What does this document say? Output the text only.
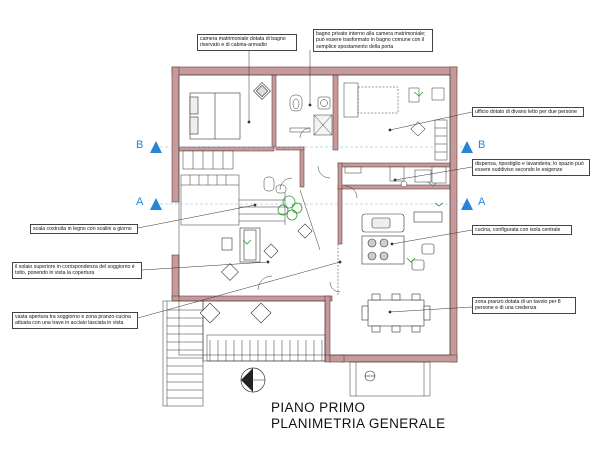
B	B
A	A
camera matrimoniale dotata di bagno riservato e di cabina-armadio
bagno privato interno alla camera matrimoniale; può essere trasformato in bagno comune con il semplice spostamento della porta
ufficio dotato di divano letto per due persone
dispensa, ripostiglio e lavanderia; lo spazio può essere suddiviso secondo le esigenze
scala costruita in legno con scalini a giorno	cucina, configurata con isola centrale
il solaio superiore in corrispondenza del soggiorno è tolto, ponendo in vista la copertura
vasta apertura tra soggiorno e zona pranzo-cucina attuata con una trave in acciaio lasciata in vista
zona pranzo dotata di un tavolo per 8 persone e di una credenza
PIANO PRIMO
PLANIMETRIA GENERALE
